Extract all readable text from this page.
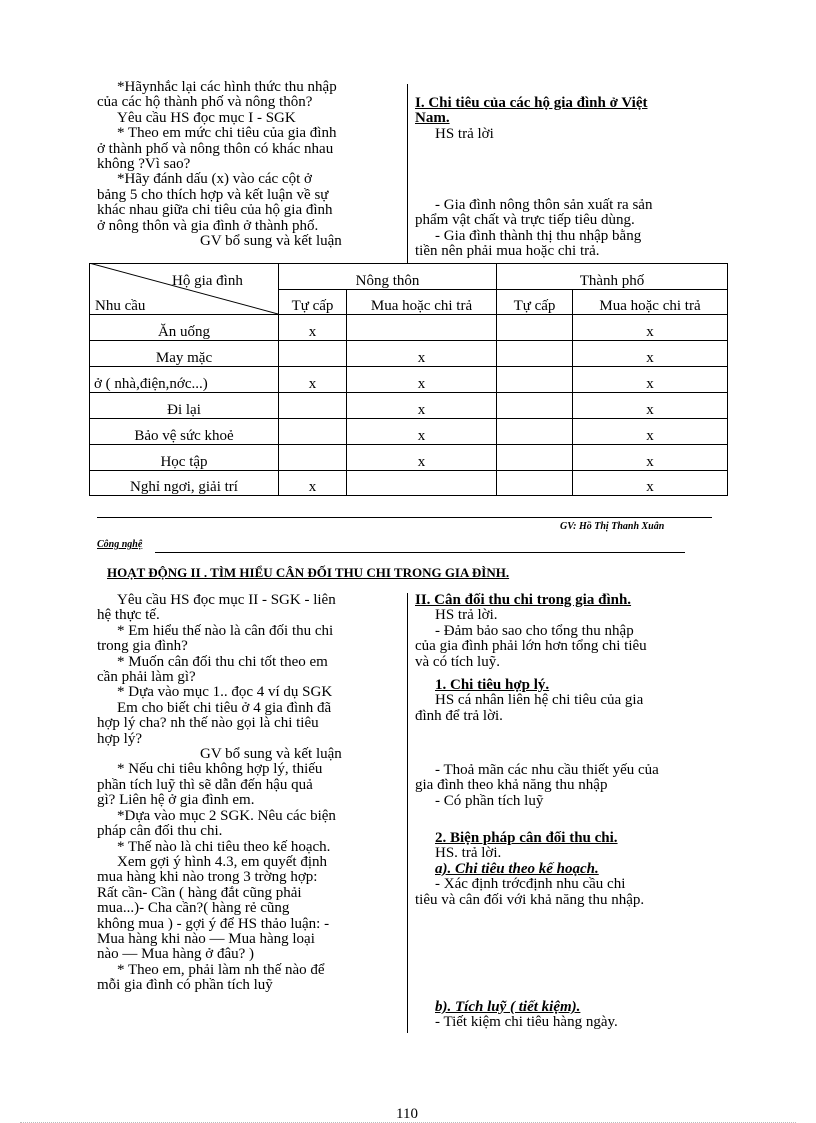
*Hãynhắc lại các hình thức thu nhập
của các hộ thành phố và nông thôn?
Yêu cầu HS đọc mục I - SGK
* Theo em mức chi tiêu của gia đình
ở thành phố và nông thôn có khác nhau
không ?Vì sao?
*Hãy đánh dấu (x) vào các cột ở
bảng 5 cho thích hợp và kết luận về sự
khác nhau giữa chi tiêu của hộ gia đình
ở nông thôn và gia đình ở thành phố.
GV bổ sung và kết luận
I. Chi tiêu của các hộ gia đình ở Việt
Nam.
HS trả lời
- Gia đình nông thôn sản xuất ra sản
phẩm vật chất và trực tiếp tiêu dùng.
- Gia đình thành thị thu nhập bằng
tiền nên phải mua hoặc chi trả.
	Nông thôn		Thành phố	
	Tự cấp	Mua hoặc chi trả	Tự cấp	Mua hoặc chi trả
Ăn uống	x			x
May mặc		x		x
ở ( nhà,điện,nớc...)	x	x		x
Đi lại		x		x
Bảo vệ sức khoẻ		x		x
Học tập		x		x
Nghỉ ngơi, giải trí	x			x
Hộ gia đình
Nhu cầu
GV: Hồ Thị Thanh Xuân
Công nghệ
HOẠT ĐỘNG II . TÌM HIỂU CÂN ĐỐI THU CHI TRONG GIA ĐÌNH.
Yêu cầu HS đọc mục II - SGK - liên
hệ thực tế.
* Em hiểu thế nào là cân đối thu chi
trong gia đình?
* Muốn cân đối thu chi tốt theo em
cần phải làm gì?
* Dựa vào mục 1.. đọc 4 ví dụ SGK
Em cho biết chi tiêu ở 4 gia đình đã
hợp lý cha? nh thế nào gọi là chi tiêu
hợp lý?
GV bổ sung và kết luận
* Nếu chi tiêu không hợp lý, thiếu
phần tích luỹ thì sẽ dẫn đến hậu quả
gì? Liên hệ ở gia đình em.
*Dựa vào mục 2 SGK. Nêu các biện
pháp cân đối thu chi.
* Thế nào là chi tiêu theo kế hoạch.
Xem gợi ý hình 4.3, em quyết định
mua hàng khi nào trong 3 trờng hợp:
Rất cần- Cần ( hàng đắt cũng phải
mua...)- Cha cần?( hàng rẻ cũng
không mua ) - gợi ý để HS thảo luận: -
Mua hàng khi nào — Mua hàng loại
nào — Mua hàng ở đâu? )
* Theo em, phải làm nh thế nào để
mỗi gia đình có phần tích luỹ
II. Cân đối thu chi trong gia đình.
HS trả lời.
- Đảm bảo sao cho tổng thu nhập
của gia đình phải lớn hơn tổng chi tiêu
và có tích luỹ.
1. Chi tiêu hợp lý.
HS cá nhân liên hệ chi tiêu của gia
đình để trả lời.
- Thoả mãn các nhu cầu thiết yếu của
gia đình theo khả năng thu nhập
- Có phần tích luỹ
2. Biện pháp cân đối thu chi.
HS. trả lời.
a). Chi tiêu theo kế hoạch.
- Xác định trớcđịnh nhu cầu chi
tiêu và cân đối với khả năng thu nhập.
b). Tích luỹ ( tiết kiệm).
- Tiết kiệm chi tiêu hàng ngày.
110
